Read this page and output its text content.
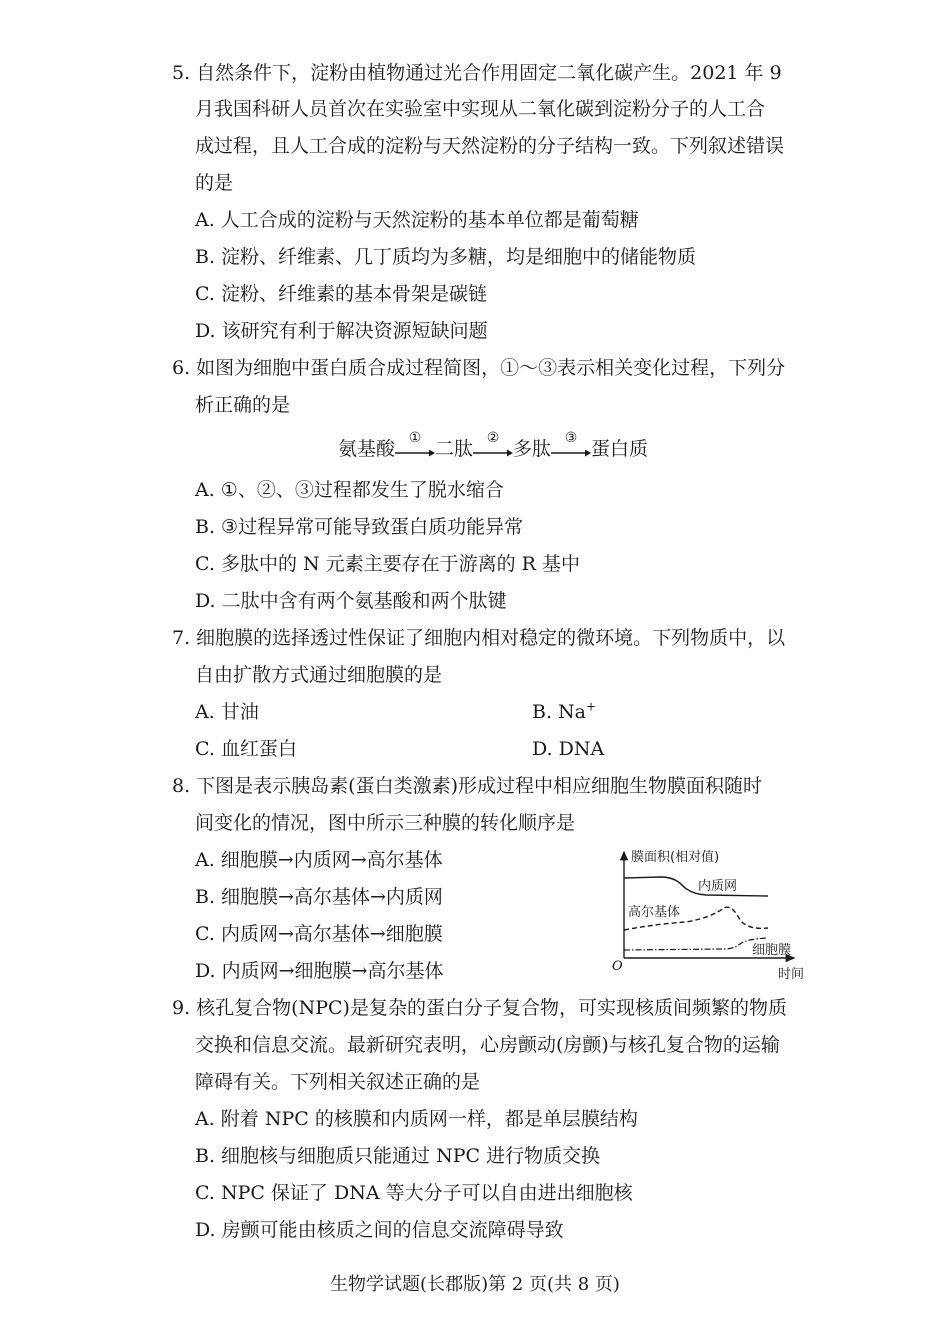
5. 自然条件下，淀粉由植物通过光合作用固定二氧化碳产生。2021 年 9
月我国科研人员首次在实验室中实现从二氧化碳到淀粉分子的人工合
成过程，且人工合成的淀粉与天然淀粉的分子结构一致。下列叙述错误
的是
A. 人工合成的淀粉与天然淀粉的基本单位都是葡萄糖
B. 淀粉、纤维素、几丁质均为多糖，均是细胞中的储能物质
C. 淀粉、纤维素的基本骨架是碳链
D. 该研究有利于解决资源短缺问题
6. 如图为细胞中蛋白质合成过程简图，①～③表示相关变化过程，下列分
析正确的是
氨基酸 ① 二肽 ② 多肽 ③ 蛋白质
A. ①、②、③过程都发生了脱水缩合
B. ③过程异常可能导致蛋白质功能异常
C. 多肽中的 N 元素主要存在于游离的 R 基中
D. 二肽中含有两个氨基酸和两个肽键
7. 细胞膜的选择透过性保证了细胞内相对稳定的微环境。下列物质中，以
自由扩散方式通过细胞膜的是
A. 甘油	B. Na+
C. 血红蛋白	D. DNA
8. 下图是表示胰岛素(蛋白类激素)形成过程中相应细胞生物膜面积随时
间变化的情况，图中所示三种膜的转化顺序是
A. 细胞膜→内质网→高尔基体
B. 细胞膜→高尔基体→内质网
C. 内质网→高尔基体→细胞膜
D. 内质网→细胞膜→高尔基体
膜面积(相对值)
时间
O
内质网
高尔基体
细胞膜
9. 核孔复合物(NPC)是复杂的蛋白分子复合物，可实现核质间频繁的物质
交换和信息交流。最新研究表明，心房颤动(房颤)与核孔复合物的运输
障碍有关。下列相关叙述正确的是
A. 附着 NPC 的核膜和内质网一样，都是单层膜结构
B. 细胞核与细胞质只能通过 NPC 进行物质交换
C. NPC 保证了 DNA 等大分子可以自由进出细胞核
D. 房颤可能由核质之间的信息交流障碍导致
生物学试题(长郡版)第 2 页(共 8 页)
